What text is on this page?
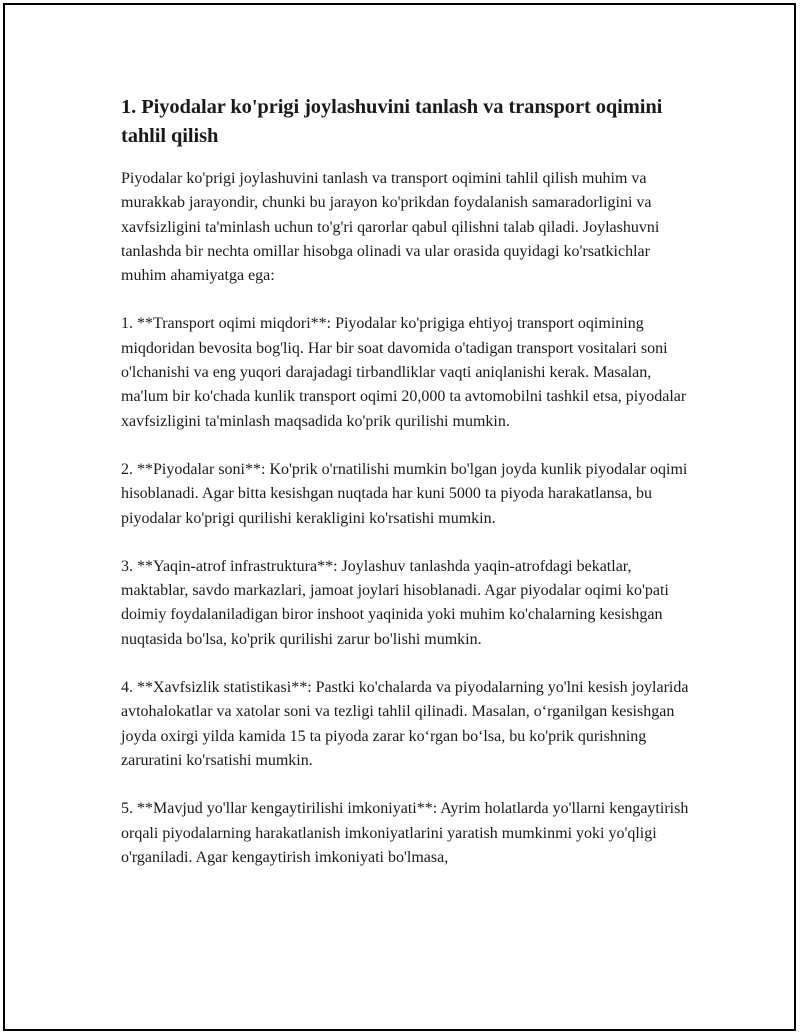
1. Piyodalar ko'prigi joylashuvini tanlash va transport oqimini tahlil qilish

Piyodalar ko'prigi joylashuvini tanlash va transport oqimini tahlil qilish muhim va murakkab jarayondir, chunki bu jarayon ko'prikdan foydalanish samaradorligini va xavfsizligini ta'minlash uchun to'g'ri qarorlar qabul qilishni talab qiladi. Joylashuvni tanlashda bir nechta omillar hisobga olinadi va ular orasida quyidagi ko'rsatkichlar muhim ahamiyatga ega:

1. **Transport oqimi miqdori**: Piyodalar ko'prigiga ehtiyoj transport oqimining miqdoridan bevosita bog'liq. Har bir soat davomida o'tadigan transport vositalari soni o'lchanishi va eng yuqori darajadagi tirbandliklar vaqti aniqlanishi kerak. Masalan, ma'lum bir ko'chada kunlik transport oqimi 20,000 ta avtomobilni tashkil etsa, piyodalar xavfsizligini ta'minlash maqsadida ko'prik qurilishi mumkin.

2. **Piyodalar soni**: Ko'prik o'rnatilishi mumkin bo'lgan joyda kunlik piyodalar oqimi hisoblanadi. Agar bitta kesishgan nuqtada har kuni 5000 ta piyoda harakatlansa, bu piyodalar ko'prigi qurilishi kerakligini ko'rsatishi mumkin.

3. **Yaqin-atrof infrastruktura**: Joylashuv tanlashda yaqin-atrofdagi bekatlar, maktablar, savdo markazlari, jamoat joylari hisoblanadi. Agar piyodalar oqimi ko'pati doimiy foydalaniladigan biror inshoot yaqinida yoki muhim ko'chalarning kesishgan nuqtasida bo'lsa, ko'prik qurilishi zarur bo'lishi mumkin.

4. **Xavfsizlik statistikasi**: Pastki ko'chalarda va piyodalarning yo'lni kesish joylarida avtohalokatlar va xatolar soni va tezligi tahlil qilinadi. Masalan, o‘rganilgan kesishgan joyda oxirgi yilda kamida 15 ta piyoda zarar ko‘rgan bo‘lsa, bu ko'prik qurishning zaruratini ko'rsatishi mumkin.

5. **Mavjud yo'llar kengaytirilishi imkoniyati**: Ayrim holatlarda yo'llarni kengaytirish orqali piyodalarning harakatlanish imkoniyatlarini yaratish mumkinmi yoki yo'qligi o'rganiladi. Agar kengaytirish imkoniyati bo'lmasa,
